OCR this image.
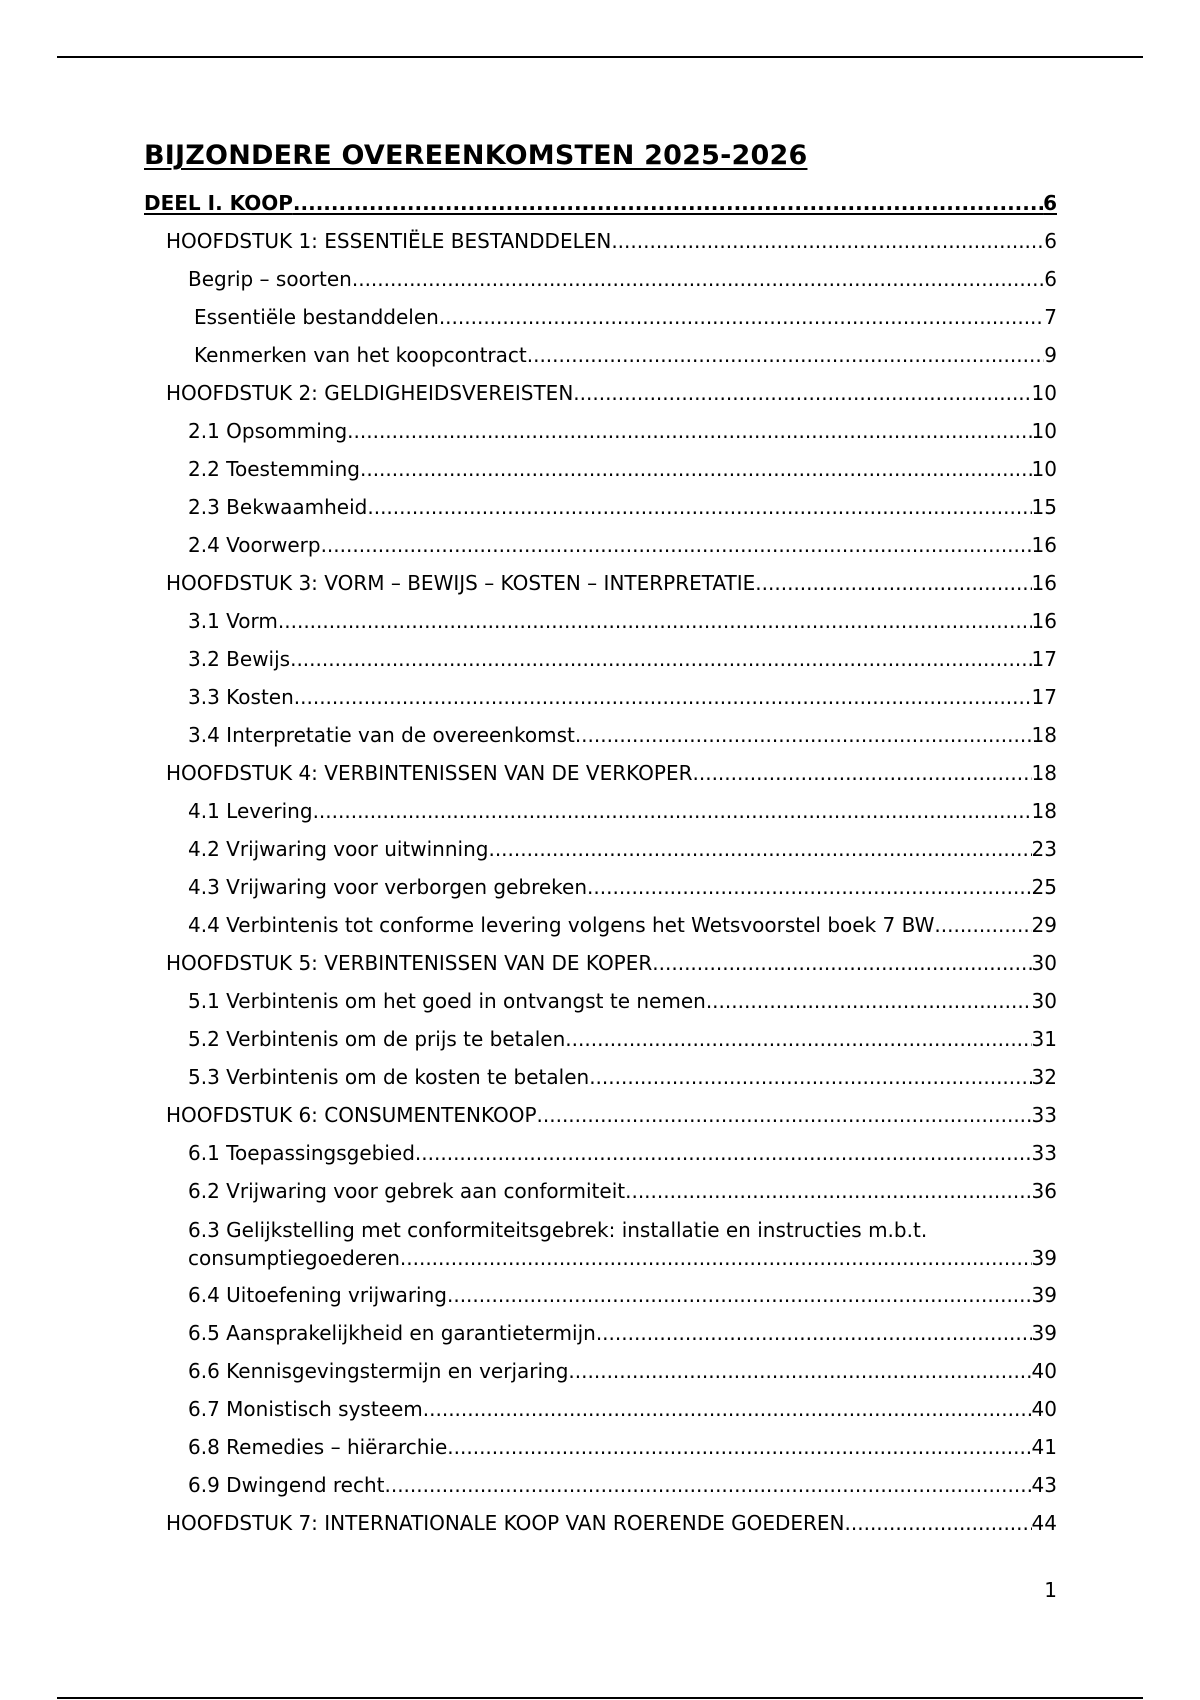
BIJZONDERE OVEREENKOMSTEN 2025-2026
DEEL I. KOOP .....	6
HOOFDSTUK 1: ESSENTIËLE BESTANDDELEN .....	6
Begrip – soorten .....	6
Essentiële bestanddelen .....	7
Kenmerken van het koopcontract .....	9
HOOFDSTUK 2: GELDIGHEIDSVEREISTEN .....	10
2.1 Opsomming .....	10
2.2 Toestemming .....	10
2.3 Bekwaamheid .....	15
2.4 Voorwerp .....	16
HOOFDSTUK 3: VORM – BEWIJS – KOSTEN – INTERPRETATIE .....	16
3.1 Vorm .....	16
3.2 Bewijs .....	17
3.3 Kosten .....	17
3.4 Interpretatie van de overeenkomst .....	18
HOOFDSTUK 4: VERBINTENISSEN VAN DE VERKOPER .....	18
4.1 Levering .....	18
4.2 Vrijwaring voor uitwinning .....	23
4.3 Vrijwaring voor verborgen gebreken .....	25
4.4 Verbintenis tot conforme levering volgens het Wetsvoorstel boek 7 BW .....	29
HOOFDSTUK 5: VERBINTENISSEN VAN DE KOPER .....	30
5.1 Verbintenis om het goed in ontvangst te nemen .....	30
5.2 Verbintenis om de prijs te betalen .....	31
5.3 Verbintenis om de kosten te betalen .....	32
HOOFDSTUK 6: CONSUMENTENKOOP .....	33
6.1 Toepassingsgebied .....	33
6.2 Vrijwaring voor gebrek aan conformiteit .....	36
6.3 Gelijkstelling met conformiteitsgebrek: installatie en instructies m.b.t.
consumptiegoederen .....	39
6.4 Uitoefening vrijwaring .....	39
6.5 Aansprakelijkheid en garantietermijn .....	39
6.6 Kennisgevingstermijn en verjaring .....	40
6.7 Monistisch systeem .....	40
6.8 Remedies – hiërarchie .....	41
6.9 Dwingend recht .....	43
HOOFDSTUK 7: INTERNATIONALE KOOP VAN ROERENDE GOEDEREN .....	44
1
